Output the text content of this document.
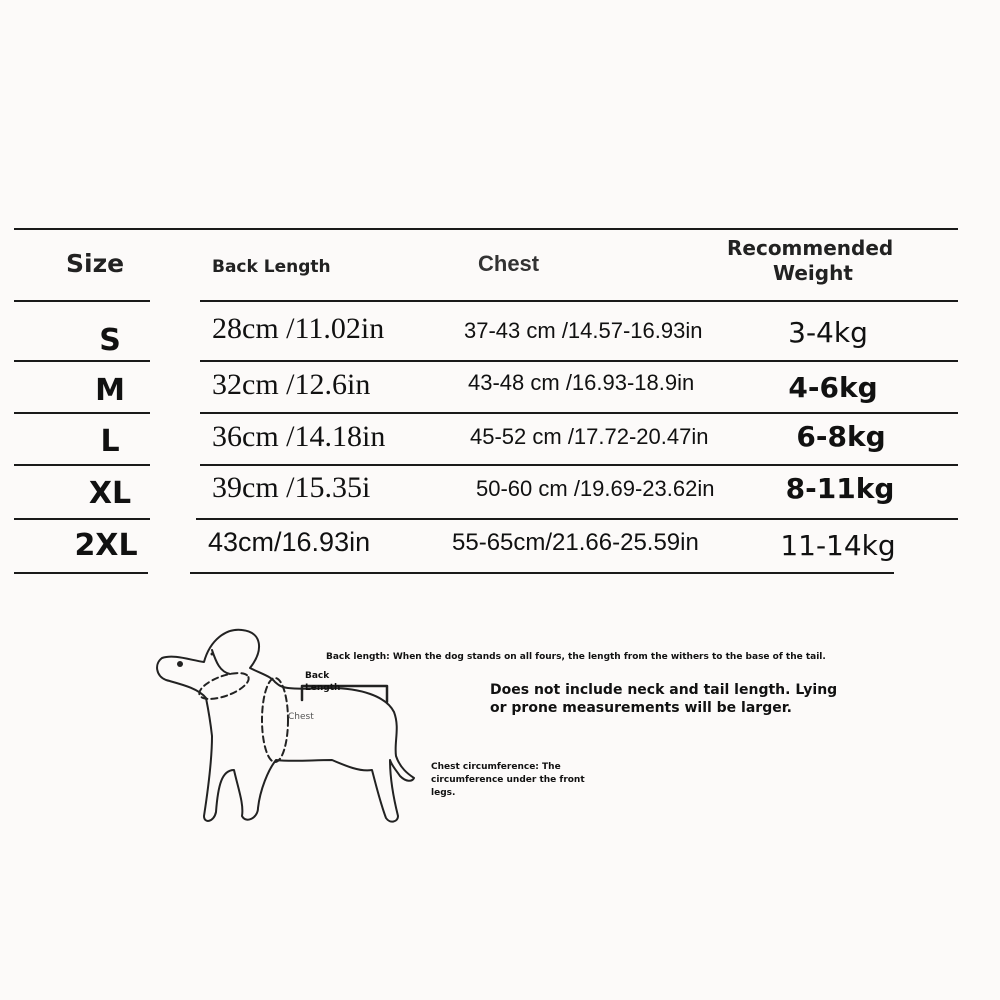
Size	Back Length	Chest
Recommended
Weight
S	28cm /11.02in	37-43 cm /14.57-16.93in	3-4kg
M	32cm /12.6in	43-48 cm /16.93-18.9in	4-6kg
L	36cm /14.18in	45-52 cm /17.72-20.47in	6-8kg
XL	39cm /15.35i	50-60 cm /19.69-23.62in	8-11kg
2XL	43cm/16.93in	55-65cm/21.66-25.59in	11-14kg
Back
Length
Chest
Back length: When the dog stands on all fours, the length from the withers to the base of the tail.
Does not include neck and tail length. Lying
or prone measurements will be larger.
Chest circumference: The
circumference under the front
legs.
